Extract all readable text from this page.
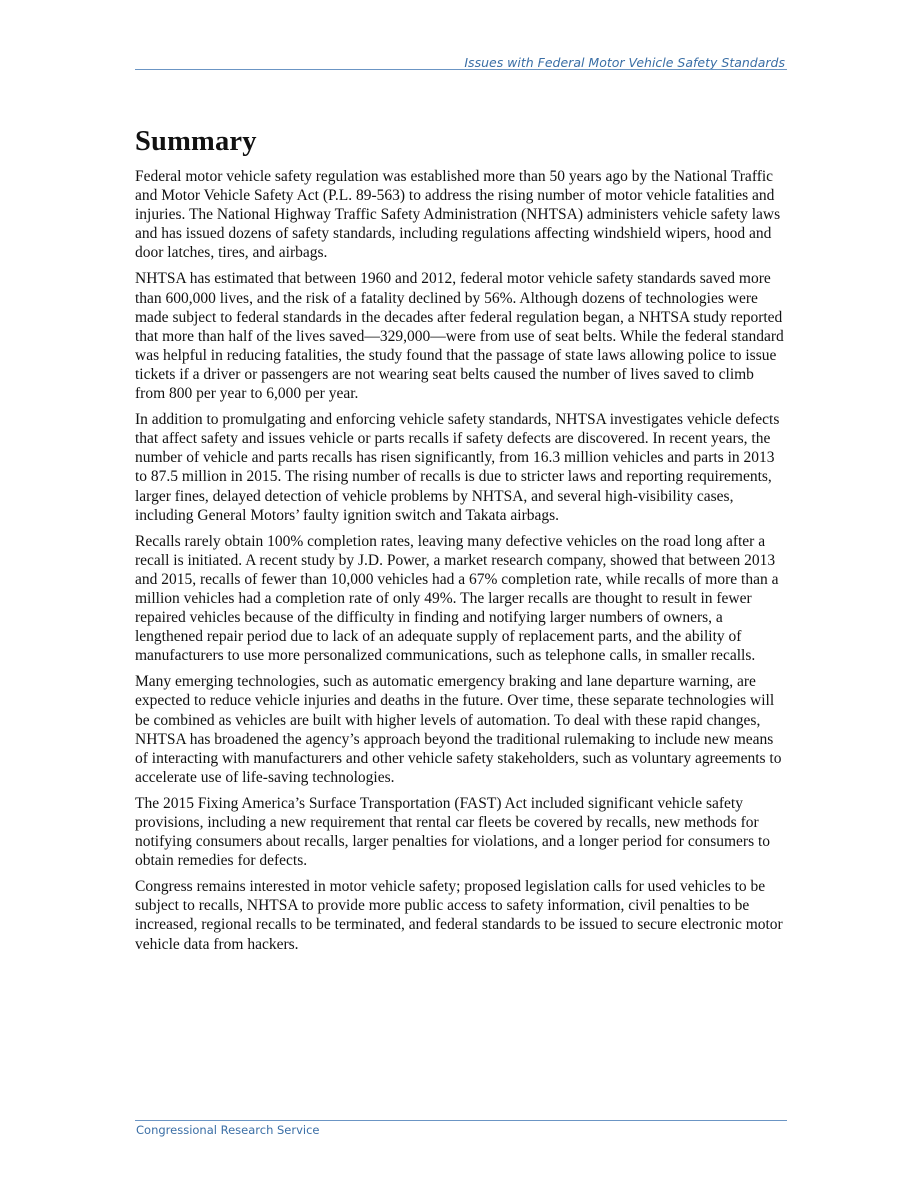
Issues with Federal Motor Vehicle Safety Standards
Summary

Federal motor vehicle safety regulation was established more than 50 years ago by the National Traffic and Motor Vehicle Safety Act (P.L. 89-563) to address the rising number of motor vehicle fatalities and injuries. The National Highway Traffic Safety Administration (NHTSA) administers vehicle safety laws and has issued dozens of safety standards, including regulations affecting windshield wipers, hood and door latches, tires, and airbags.

NHTSA has estimated that between 1960 and 2012, federal motor vehicle safety standards saved more than 600,000 lives, and the risk of a fatality declined by 56%. Although dozens of technologies were made subject to federal standards in the decades after federal regulation began, a NHTSA study reported that more than half of the lives saved—329,000—were from use of seat belts. While the federal standard was helpful in reducing fatalities, the study found that the passage of state laws allowing police to issue tickets if a driver or passengers are not wearing seat belts caused the number of lives saved to climb from 800 per year to 6,000 per year.

In addition to promulgating and enforcing vehicle safety standards, NHTSA investigates vehicle defects that affect safety and issues vehicle or parts recalls if safety defects are discovered. In recent years, the number of vehicle and parts recalls has risen significantly, from 16.3 million vehicles and parts in 2013 to 87.5 million in 2015. The rising number of recalls is due to stricter laws and reporting requirements, larger fines, delayed detection of vehicle problems by NHTSA, and several high-visibility cases, including General Motors’ faulty ignition switch and Takata airbags.

Recalls rarely obtain 100% completion rates, leaving many defective vehicles on the road long after a recall is initiated. A recent study by J.D. Power, a market research company, showed that between 2013 and 2015, recalls of fewer than 10,000 vehicles had a 67% completion rate, while recalls of more than a million vehicles had a completion rate of only 49%. The larger recalls are thought to result in fewer repaired vehicles because of the difficulty in finding and notifying larger numbers of owners, a lengthened repair period due to lack of an adequate supply of replacement parts, and the ability of manufacturers to use more personalized communications, such as telephone calls, in smaller recalls.

Many emerging technologies, such as automatic emergency braking and lane departure warning, are expected to reduce vehicle injuries and deaths in the future. Over time, these separate technologies will be combined as vehicles are built with higher levels of automation. To deal with these rapid changes, NHTSA has broadened the agency’s approach beyond the traditional rulemaking to include new means of interacting with manufacturers and other vehicle safety stakeholders, such as voluntary agreements to accelerate use of life-saving technologies.

The 2015 Fixing America’s Surface Transportation (FAST) Act included significant vehicle safety provisions, including a new requirement that rental car fleets be covered by recalls, new methods for notifying consumers about recalls, larger penalties for violations, and a longer period for consumers to obtain remedies for defects.

Congress remains interested in motor vehicle safety; proposed legislation calls for used vehicles to be subject to recalls, NHTSA to provide more public access to safety information, civil penalties to be increased, regional recalls to be terminated, and federal standards to be issued to secure electronic motor vehicle data from hackers.

Congressional Research Service
